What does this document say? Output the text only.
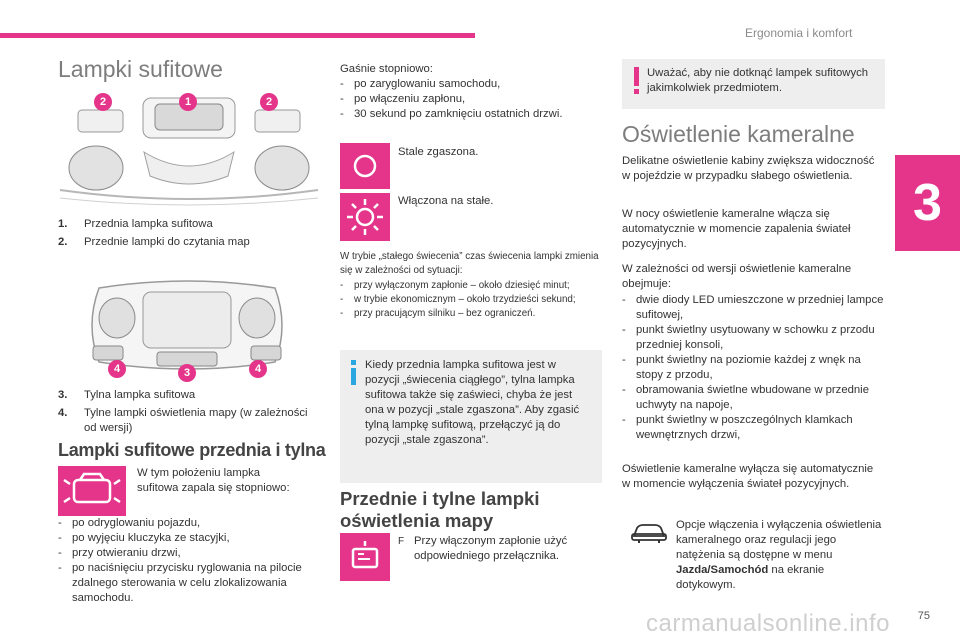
Ergonomia i komfort
3
Lampki sufitowe
2	1	2
1. Przednia lampka sufitowa
2. Przednie lampki do czytania map
4	3	4
3.	Tylna lampka sufitowa
4.	Tylne lampki oświetlenia mapy (w zależności od wersji)
Lampki sufitowe przednia i tylna
W tym położeniu lampka sufitowa zapala się stopniowo:
- po odryglowaniu pojazdu,
- po wyjęciu kluczyka ze stacyjki,
- przy otwieraniu drzwi,
- po naciśnięciu przycisku ryglowania na pilocie zdalnego sterowania w celu zlokalizowania samochodu.
Gaśnie stopniowo:
- po zaryglowaniu samochodu,
- po włączeniu zapłonu,
- 30 sekund po zamknięciu ostatnich drzwi.
Stale zgaszona.
Włączona na stałe.
W trybie „stałego świecenia” czas świecenia lampki zmienia się w zależności od sytuacji:
- przy wyłączonym zapłonie – około dziesięć minut;
- w trybie ekonomicznym – około trzydzieści sekund;
- przy pracującym silniku – bez ograniczeń.
Kiedy przednia lampka sufitowa jest w pozycji „świecenia ciągłego”, tylna lampka sufitowa także się zaświeci, chyba że jest ona w pozycji „stale zgaszona”. Aby zgasić tylną lampkę sufitową, przełączyć ją do pozycji „stale zgaszona”.
Przednie i tylne lampki oświetlenia mapy
F Przy włączonym zapłonie użyć odpowiedniego przełącznika.
Uważać, aby nie dotknąć lampek sufitowych jakimkolwiek przedmiotem.
Oświetlenie kameralne
Delikatne oświetlenie kabiny zwiększa widoczność w pojeździe w przypadku słabego oświetlenia.
W nocy oświetlenie kameralne włącza się automatycznie w momencie zapalenia świateł pozycyjnych.
W zależności od wersji oświetlenie kameralne obejmuje:
- dwie diody LED umieszczone w przedniej lampce sufitowej,
- punkt świetlny usytuowany w schowku z przodu przedniej konsoli,
- punkt świetlny na poziomie każdej z wnęk na stopy z przodu,
- obramowania świetlne wbudowane w przednie uchwyty na napoje,
- punkt świetlny w poszczególnych klamkach wewnętrznych drzwi,
Oświetlenie kameralne wyłącza się automatycznie w momencie wyłączenia świateł pozycyjnych.
Opcje włączenia i wyłączenia oświetlenia kameralnego oraz regulacji jego natężenia są dostępne w menu Jazda/Samochód na ekranie dotykowym.
carmanualsonline.info	75
